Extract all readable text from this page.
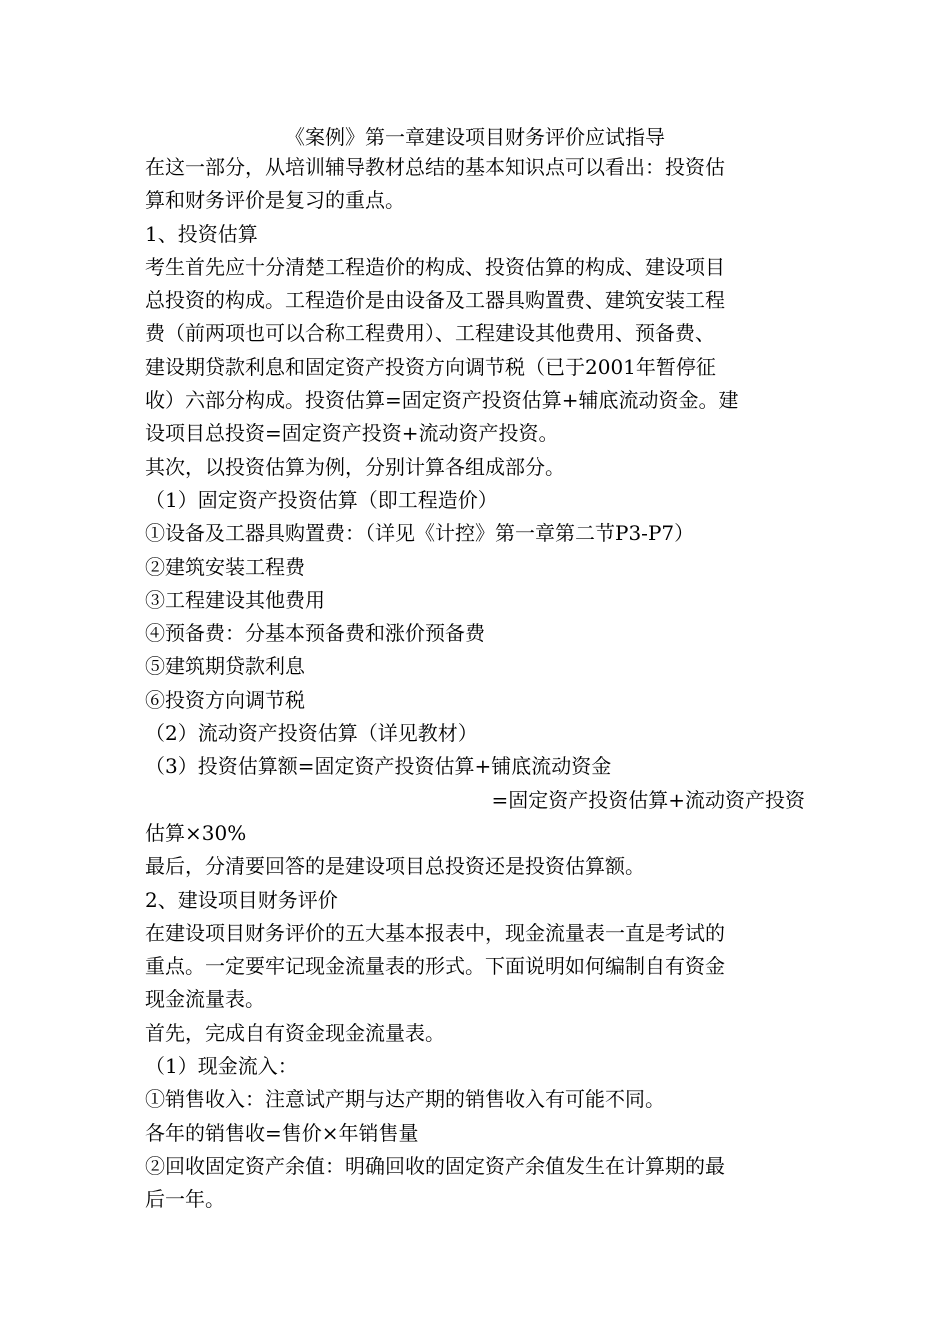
《案例》第一章建设项目财务评价应试指导

在这一部分，从培训辅导教材总结的基本知识点可以看出：投资估

算和财务评价是复习的重点。

1、投资估算

考生首先应十分清楚工程造价的构成、投资估算的构成、建设项目

总投资的构成。工程造价是由设备及工器具购置费、建筑安装工程

费（前两项也可以合称工程费用）、工程建设其他费用、预备费、

建设期贷款利息和固定资产投资方向调节税（已于2001年暂停征

收）六部分构成。投资估算=固定资产投资估算+辅底流动资金。建

设项目总投资=固定资产投资+流动资产投资。

其次，以投资估算为例，分别计算各组成部分。

（1）固定资产投资估算（即工程造价）

①设备及工器具购置费：（详见《计控》第一章第二节P3-P7）

②建筑安装工程费

③工程建设其他费用

④预备费：分基本预备费和涨价预备费

⑤建筑期贷款利息

⑥投资方向调节税

（2）流动资产投资估算（详见教材）

（3）投资估算额=固定资产投资估算+铺底流动资金

=固定资产投资估算+流动资产投资

估算×30%

最后，分清要回答的是建设项目总投资还是投资估算额。

2、建设项目财务评价

在建设项目财务评价的五大基本报表中，现金流量表一直是考试的

重点。一定要牢记现金流量表的形式。下面说明如何编制自有资金

现金流量表。

首先，完成自有资金现金流量表。

（1）现金流入：

①销售收入：注意试产期与达产期的销售收入有可能不同。

各年的销售收=售价×年销售量

②回收固定资产余值：明确回收的固定资产余值发生在计算期的最

后一年。
